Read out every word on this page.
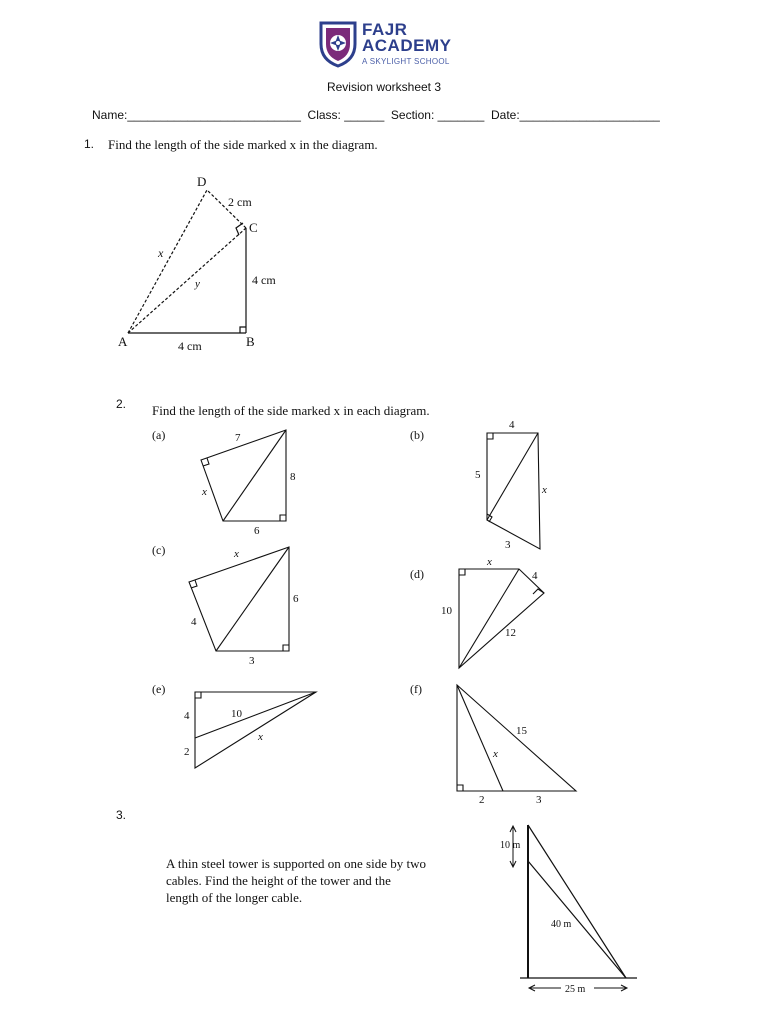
FAJR
ACADEMY
A SKYLIGHT SCHOOL
Revision worksheet 3
Name:__________________________  Class: ______  Section: _______  Date:_____________________
1. Find the length of the side marked x in the diagram.
D
C
A	B
2 cm
4 cm
4 cm
x
y
2. Find the length of the side marked x in each diagram.
(a)	(b)
(c)
(d)
(e)	(f)
7
8
6
x
4
5
3
x
6
4
3
x
4
10
12
x
4	10
2
x	15
2	3
x
3.
A thin steel tower is supported on one side by two cables. Find the height of the tower and the length of the longer cable.
10 m
40 m
25 m
